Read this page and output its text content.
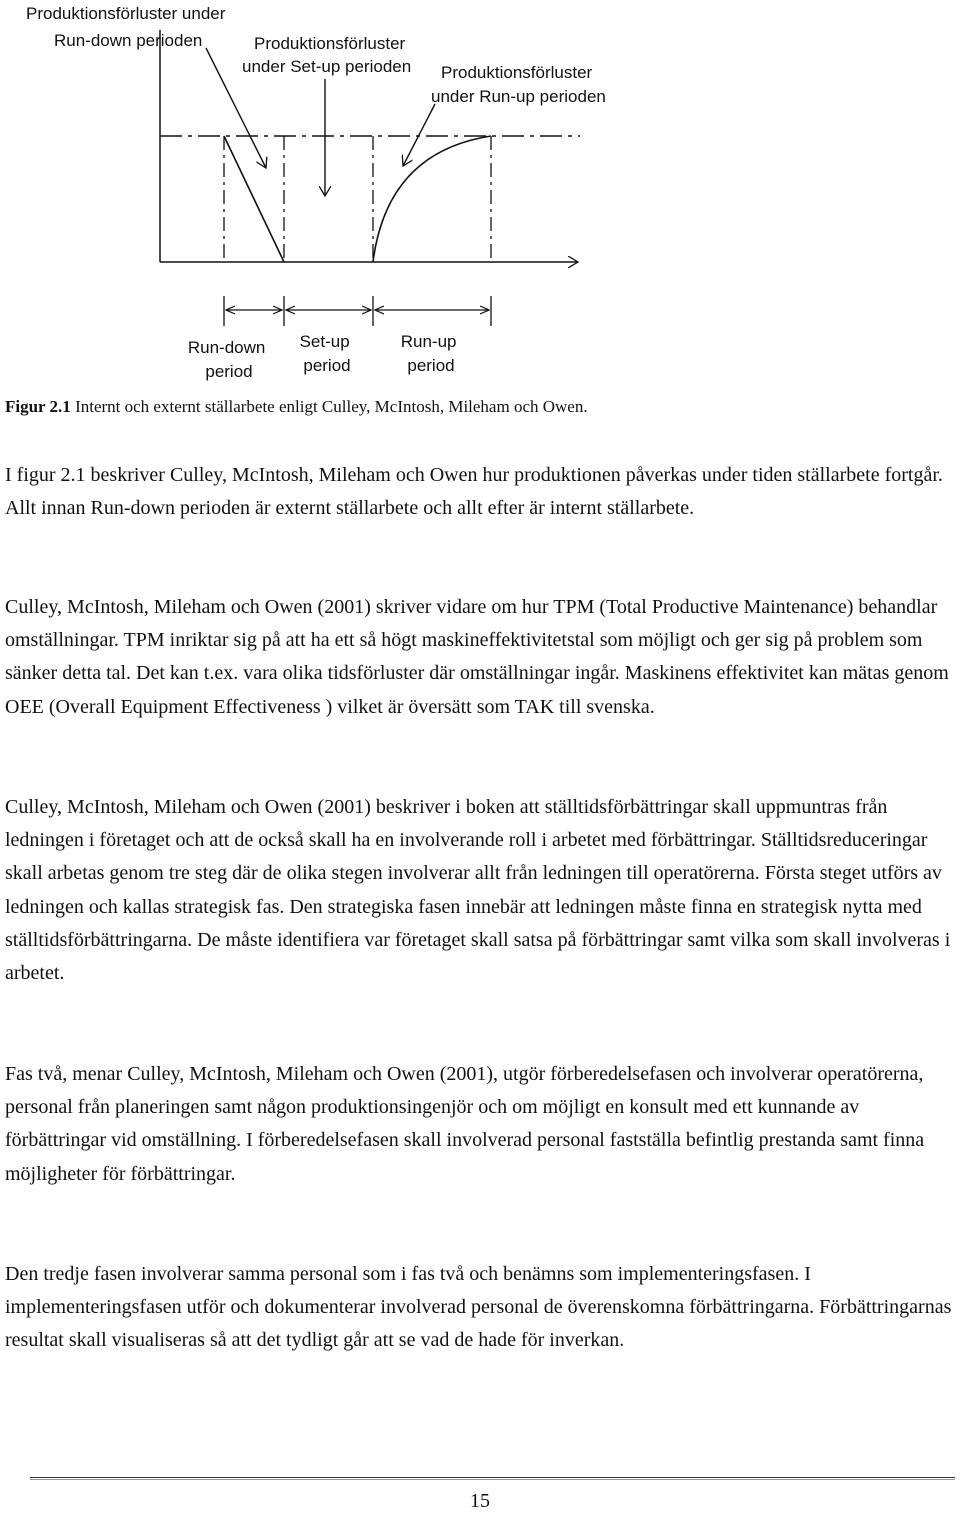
Produktionsförluster under Run-down perioden	Produktionsförluster under Set-up perioden	Produktionsförluster under Run-up perioden
Run-down period
Set-up period
Run-up period
Figur 2.1 Internt och externt ställarbete enligt Culley, McIntosh, Mileham och Owen.

I figur 2.1 beskriver Culley, McIntosh, Mileham och Owen hur produktionen påverkas under tiden ställarbete fortgår. Allt innan Run-down perioden är externt ställarbete och allt efter är internt ställarbete.

Culley, McIntosh, Mileham och Owen (2001) skriver vidare om hur TPM (Total Productive Maintenance) behandlar omställningar. TPM inriktar sig på att ha ett så högt maskineffektivitetstal som möjligt och ger sig på problem som sänker detta tal. Det kan t.ex. vara olika tidsförluster där omställningar ingår. Maskinens effektivitet kan mätas genom OEE (Overall Equipment Effectiveness ) vilket är översätt som TAK till svenska.

Culley, McIntosh, Mileham och Owen (2001) beskriver i boken att ställtidsförbättringar skall uppmuntras från ledningen i företaget och att de också skall ha en involverande roll i arbetet med förbättringar. Ställtidsreduceringar skall arbetas genom tre steg där de olika stegen involverar allt från ledningen till operatörerna. Första steget utförs av ledningen och kallas strategisk fas. Den strategiska fasen innebär att ledningen måste finna en strategisk nytta med ställtidsförbättringarna. De måste identifiera var företaget skall satsa på förbättringar samt vilka som skall involveras i arbetet.

Fas två, menar Culley, McIntosh, Mileham och Owen (2001), utgör förberedelsefasen och involverar operatörerna, personal från planeringen samt någon produktionsingenjör och om möjligt en konsult med ett kunnande av förbättringar vid omställning. I förberedelsefasen skall involverad personal fastställa befintlig prestanda samt finna möjligheter för förbättringar.

Den tredje fasen involverar samma personal som i fas två och benämns som implementeringsfasen. I implementeringsfasen utför och dokumenterar involverad personal de överenskomna förbättringarna. Förbättringarnas resultat skall visualiseras så att det tydligt går att se vad de hade för inverkan.

15
